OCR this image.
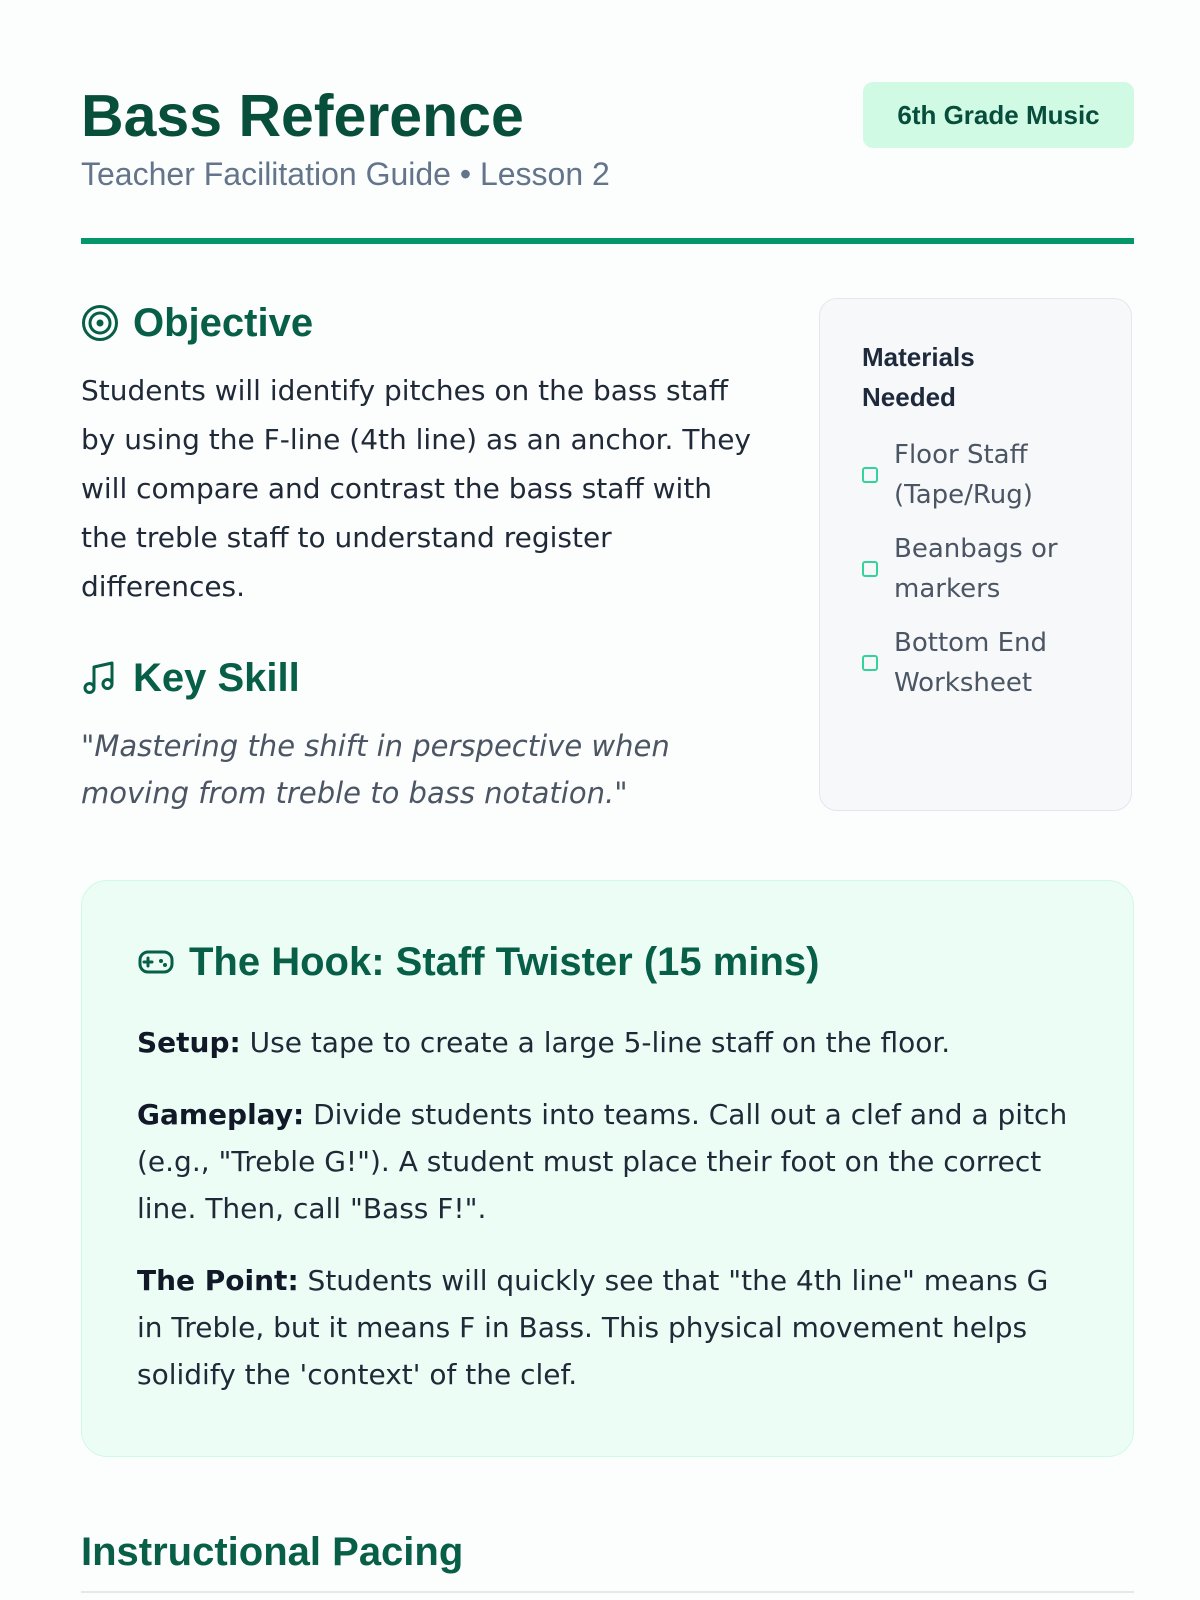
Bass Reference

Teacher Facilitation Guide • Lesson 2

6th Grade Music
Objective

Students will identify pitches on the bass staff by using the F-line (4th line) as an anchor. They will compare and contrast the bass staff with the treble staff to understand register differences.

Key Skill

"Mastering the shift in perspective when moving from treble to bass notation."

Materials Needed
Floor Staff (Tape/Rug)
Beanbags or markers
Bottom End Worksheet
The Hook: Staff Twister (15 mins)

Setup: Use tape to create a large 5-line staff on the floor.

Gameplay: Divide students into teams. Call out a clef and a pitch (e.g., "Treble G!"). A student must place their foot on the correct line. Then, call "Bass F!".

The Point: Students will quickly see that "the 4th line" means G in Treble, but it means F in Bass. This physical movement helps solidify the 'context' of the clef.

Instructional Pacing
